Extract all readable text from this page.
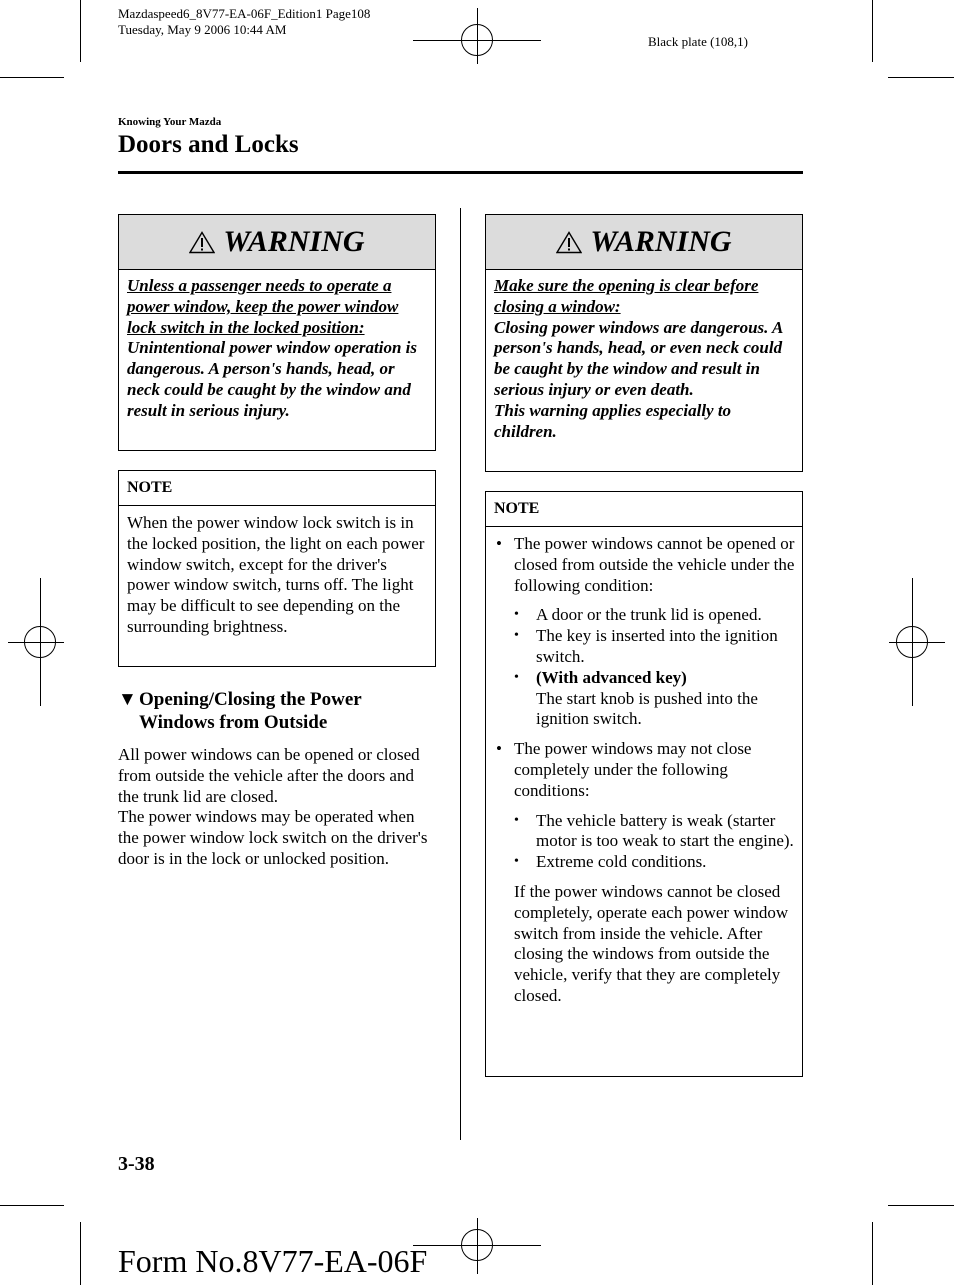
Mazdaspeed6_8V77-EA-06F_Edition1 Page108
Tuesday, May 9 2006 10:44 AM
Black plate (108,1)
Knowing Your Mazda
Doors and Locks
WARNING
Unless a passenger needs to operate a power window, keep the power window lock switch in the locked position:
Unintentional power window operation is dangerous. A person's hands, head, or neck could be caught by the window and result in serious injury.
NOTE
When the power window lock switch is in the locked position, the light on each power window switch, except for the driver's power window switch, turns off. The light may be difficult to see depending on the surrounding brightness.
▼ Opening/Closing the Power Windows from Outside
All power windows can be opened or closed from outside the vehicle after the doors and the trunk lid are closed.
The power windows may be operated when the power window lock switch on the driver's door is in the lock or unlocked position.
WARNING
Make sure the opening is clear before closing a window:
Closing power windows are dangerous. A person's hands, head, or even neck could be caught by the window and result in serious injury or even death.
This warning applies especially to children.
NOTE
• The power windows cannot be opened or closed from outside the vehicle under the following condition:
• A door or the trunk lid is opened.
• The key is inserted into the ignition switch.
• (With advanced key)
The start knob is pushed into the ignition switch.
• The power windows may not close completely under the following conditions:
• The vehicle battery is weak (starter motor is too weak to start the engine).
• Extreme cold conditions.
If the power windows cannot be closed completely, operate each power window switch from inside the vehicle. After closing the windows from outside the vehicle, verify that they are completely closed.
3-38
Form No.8V77-EA-06F
